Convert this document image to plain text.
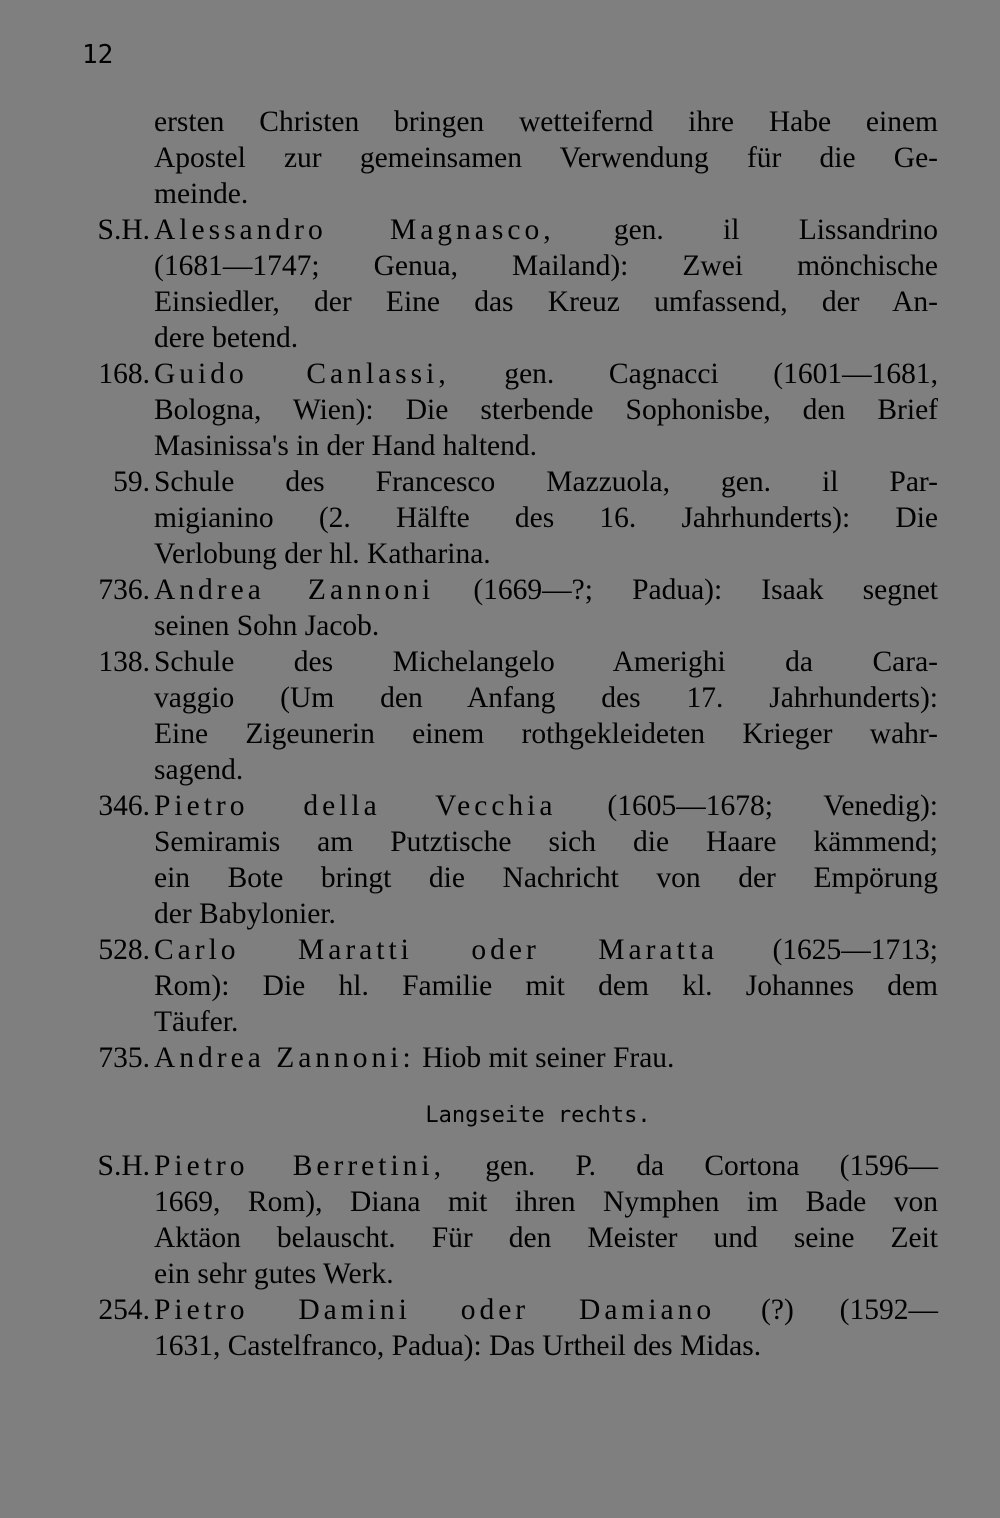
12

ersten Christen bringen wetteifernd ihre Habe einem
Apostel zur gemeinsamen Verwendung für die Ge-
meinde.

S.H. Alessandro Magnasco, gen. il Lissandrino
(1681—1747; Genua, Mailand): Zwei mönchische
Einsiedler, der Eine das Kreuz umfassend, der An-
dere betend.
168. Guido Canlassi, gen. Cagnacci (1601—1681,
Bologna, Wien): Die sterbende Sophonisbe, den Brief
Masinissa's in der Hand haltend.
59. Schule des Francesco Mazzuola, gen. il Par-
migianino (2. Hälfte des 16. Jahrhunderts): Die
Verlobung der hl. Katharina.
736. Andrea Zannoni (1669—?; Padua): Isaak segnet
seinen Sohn Jacob.
138. Schule des Michelangelo Amerighi da Cara-
vaggio (Um den Anfang des 17. Jahrhunderts):
Eine Zigeunerin einem rothgekleideten Krieger wahr-
sagend.
346. Pietro della Vecchia (1605—1678; Venedig):
Semiramis am Putztische sich die Haare kämmend;
ein Bote bringt die Nachricht von der Empörung
der Babylonier.
528. Carlo Maratti oder Maratta (1625—1713;
Rom): Die hl. Familie mit dem kl. Johannes dem
Täufer.
735. Andrea Zannoni: Hiob mit seiner Frau.
Langseite rechts.
S.H. Pietro Berretini, gen. P. da Cortona (1596—
1669, Rom), Diana mit ihren Nymphen im Bade von
Aktäon belauscht. Für den Meister und seine Zeit
ein sehr gutes Werk.
254. Pietro Damini oder Damiano (?) (1592—
1631, Castelfranco, Padua): Das Urtheil des Midas.
